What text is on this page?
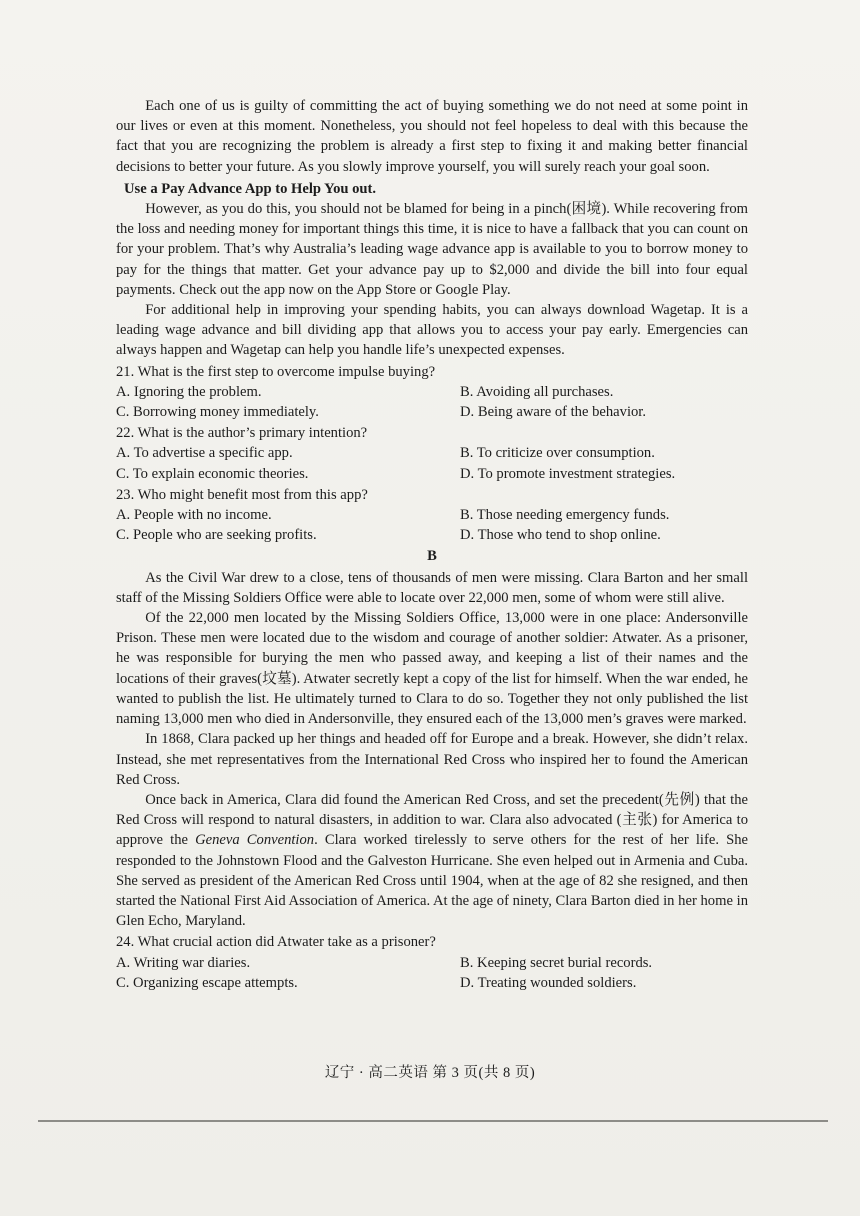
Each one of us is guilty of committing the act of buying something we do not need at some point in our lives or even at this moment. Nonetheless, you should not feel hopeless to deal with this because the fact that you are recognizing the problem is already a first step to fixing it and making better financial decisions to better your future. As you slowly improve yourself, you will surely reach your goal soon.

Use a Pay Advance App to Help You out.

However, as you do this, you should not be blamed for being in a pinch(困境). While recovering from the loss and needing money for important things this time, it is nice to have a fallback that you can count on for your problem. That’s why Australia’s leading wage advance app is available to you to borrow money to pay for the things that matter. Get your advance pay up to $2,000 and divide the bill into four equal payments. Check out the app now on the App Store or Google Play.

For additional help in improving your spending habits, you can always download Wagetap. It is a leading wage advance and bill dividing app that allows you to access your pay early. Emergencies can always happen and Wagetap can help you handle life’s unexpected expenses.

21. What is the first step to overcome impulse buying?

A. Ignoring the problem.	B. Avoiding all purchases.
C. Borrowing money immediately.	D. Being aware of the behavior.

22. What is the author’s primary intention?

A. To advertise a specific app.	B. To criticize over consumption.
C. To explain economic theories.	D. To promote investment strategies.

23. Who might benefit most from this app?

A. People with no income.	B. Those needing emergency funds.
C. People who are seeking profits.	D. Those who tend to shop online.

B

As the Civil War drew to a close, tens of thousands of men were missing. Clara Barton and her small staff of the Missing Soldiers Office were able to locate over 22,000 men, some of whom were still alive.

Of the 22,000 men located by the Missing Soldiers Office, 13,000 were in one place: Andersonville Prison. These men were located due to the wisdom and courage of another soldier: Atwater. As a prisoner, he was responsible for burying the men who passed away, and keeping a list of their names and the locations of their graves(坟墓). Atwater secretly kept a copy of the list for himself. When the war ended, he wanted to publish the list. He ultimately turned to Clara to do so. Together they not only published the list naming 13,000 men who died in Andersonville, they ensured each of the 13,000 men’s graves were marked.

In 1868, Clara packed up her things and headed off for Europe and a break. However, she didn’t relax. Instead, she met representatives from the International Red Cross who inspired her to found the American Red Cross.

Once back in America, Clara did found the American Red Cross, and set the precedent(先例) that the Red Cross will respond to natural disasters, in addition to war. Clara also advocated (主张) for America to approve the Geneva Convention. Clara worked tirelessly to serve others for the rest of her life. She responded to the Johnstown Flood and the Galveston Hurricane. She even helped out in Armenia and Cuba. She served as president of the American Red Cross until 1904, when at the age of 82 she resigned, and then started the National First Aid Association of America. At the age of ninety, Clara Barton died in her home in Glen Echo, Maryland.

24. What crucial action did Atwater take as a prisoner?

A. Writing war diaries.	B. Keeping secret burial records.
C. Organizing escape attempts.	D. Treating wounded soldiers.
辽宁 · 高二英语 第 3 页(共 8 页)
